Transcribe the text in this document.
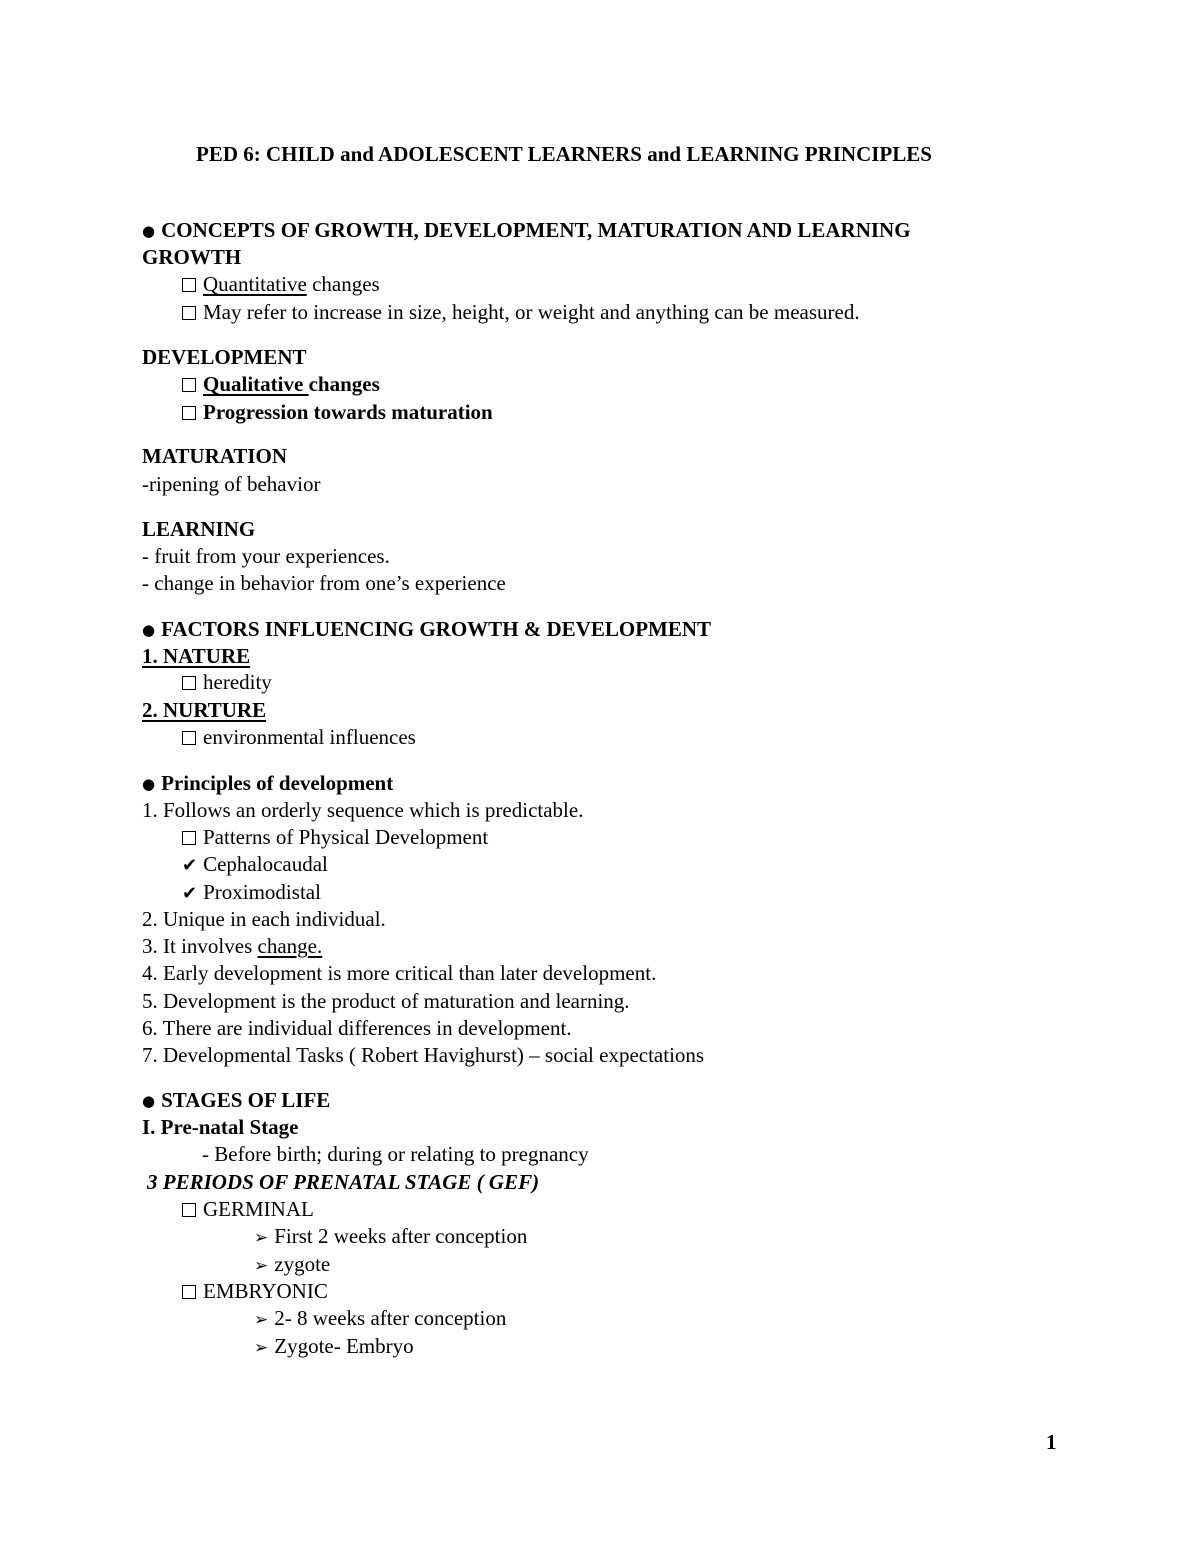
PED 6: CHILD and ADOLESCENT LEARNERS and LEARNING PRINCIPLES
● CONCEPTS OF GROWTH, DEVELOPMENT, MATURATION AND LEARNING
GROWTH
Quantitative changes
May refer to increase in size, height, or weight and anything can be measured.
DEVELOPMENT
Qualitative changes
Progression towards maturation
MATURATION
-ripening of behavior
LEARNING
- fruit from your experiences.
- change in behavior from one’s experience
● FACTORS INFLUENCING GROWTH & DEVELOPMENT
1. NATURE
heredity
2. NURTURE
environmental influences
● Principles of development
1. Follows an orderly sequence which is predictable.
Patterns of Physical Development
✔ Cephalocaudal
✔ Proximodistal
2. Unique in each individual.
3. It involves change.
4. Early development is more critical than later development.
5. Development is the product of maturation and learning.
6. There are individual differences in development.
7. Developmental Tasks ( Robert Havighurst) – social expectations
● STAGES OF LIFE
I. Pre-natal Stage
- Before birth; during or relating to pregnancy
3 PERIODS OF PRENATAL STAGE ( GEF)
GERMINAL
➢ First 2 weeks after conception
➢ zygote
EMBRYONIC
➢ 2- 8 weeks after conception
➢ Zygote- Embryo
1
